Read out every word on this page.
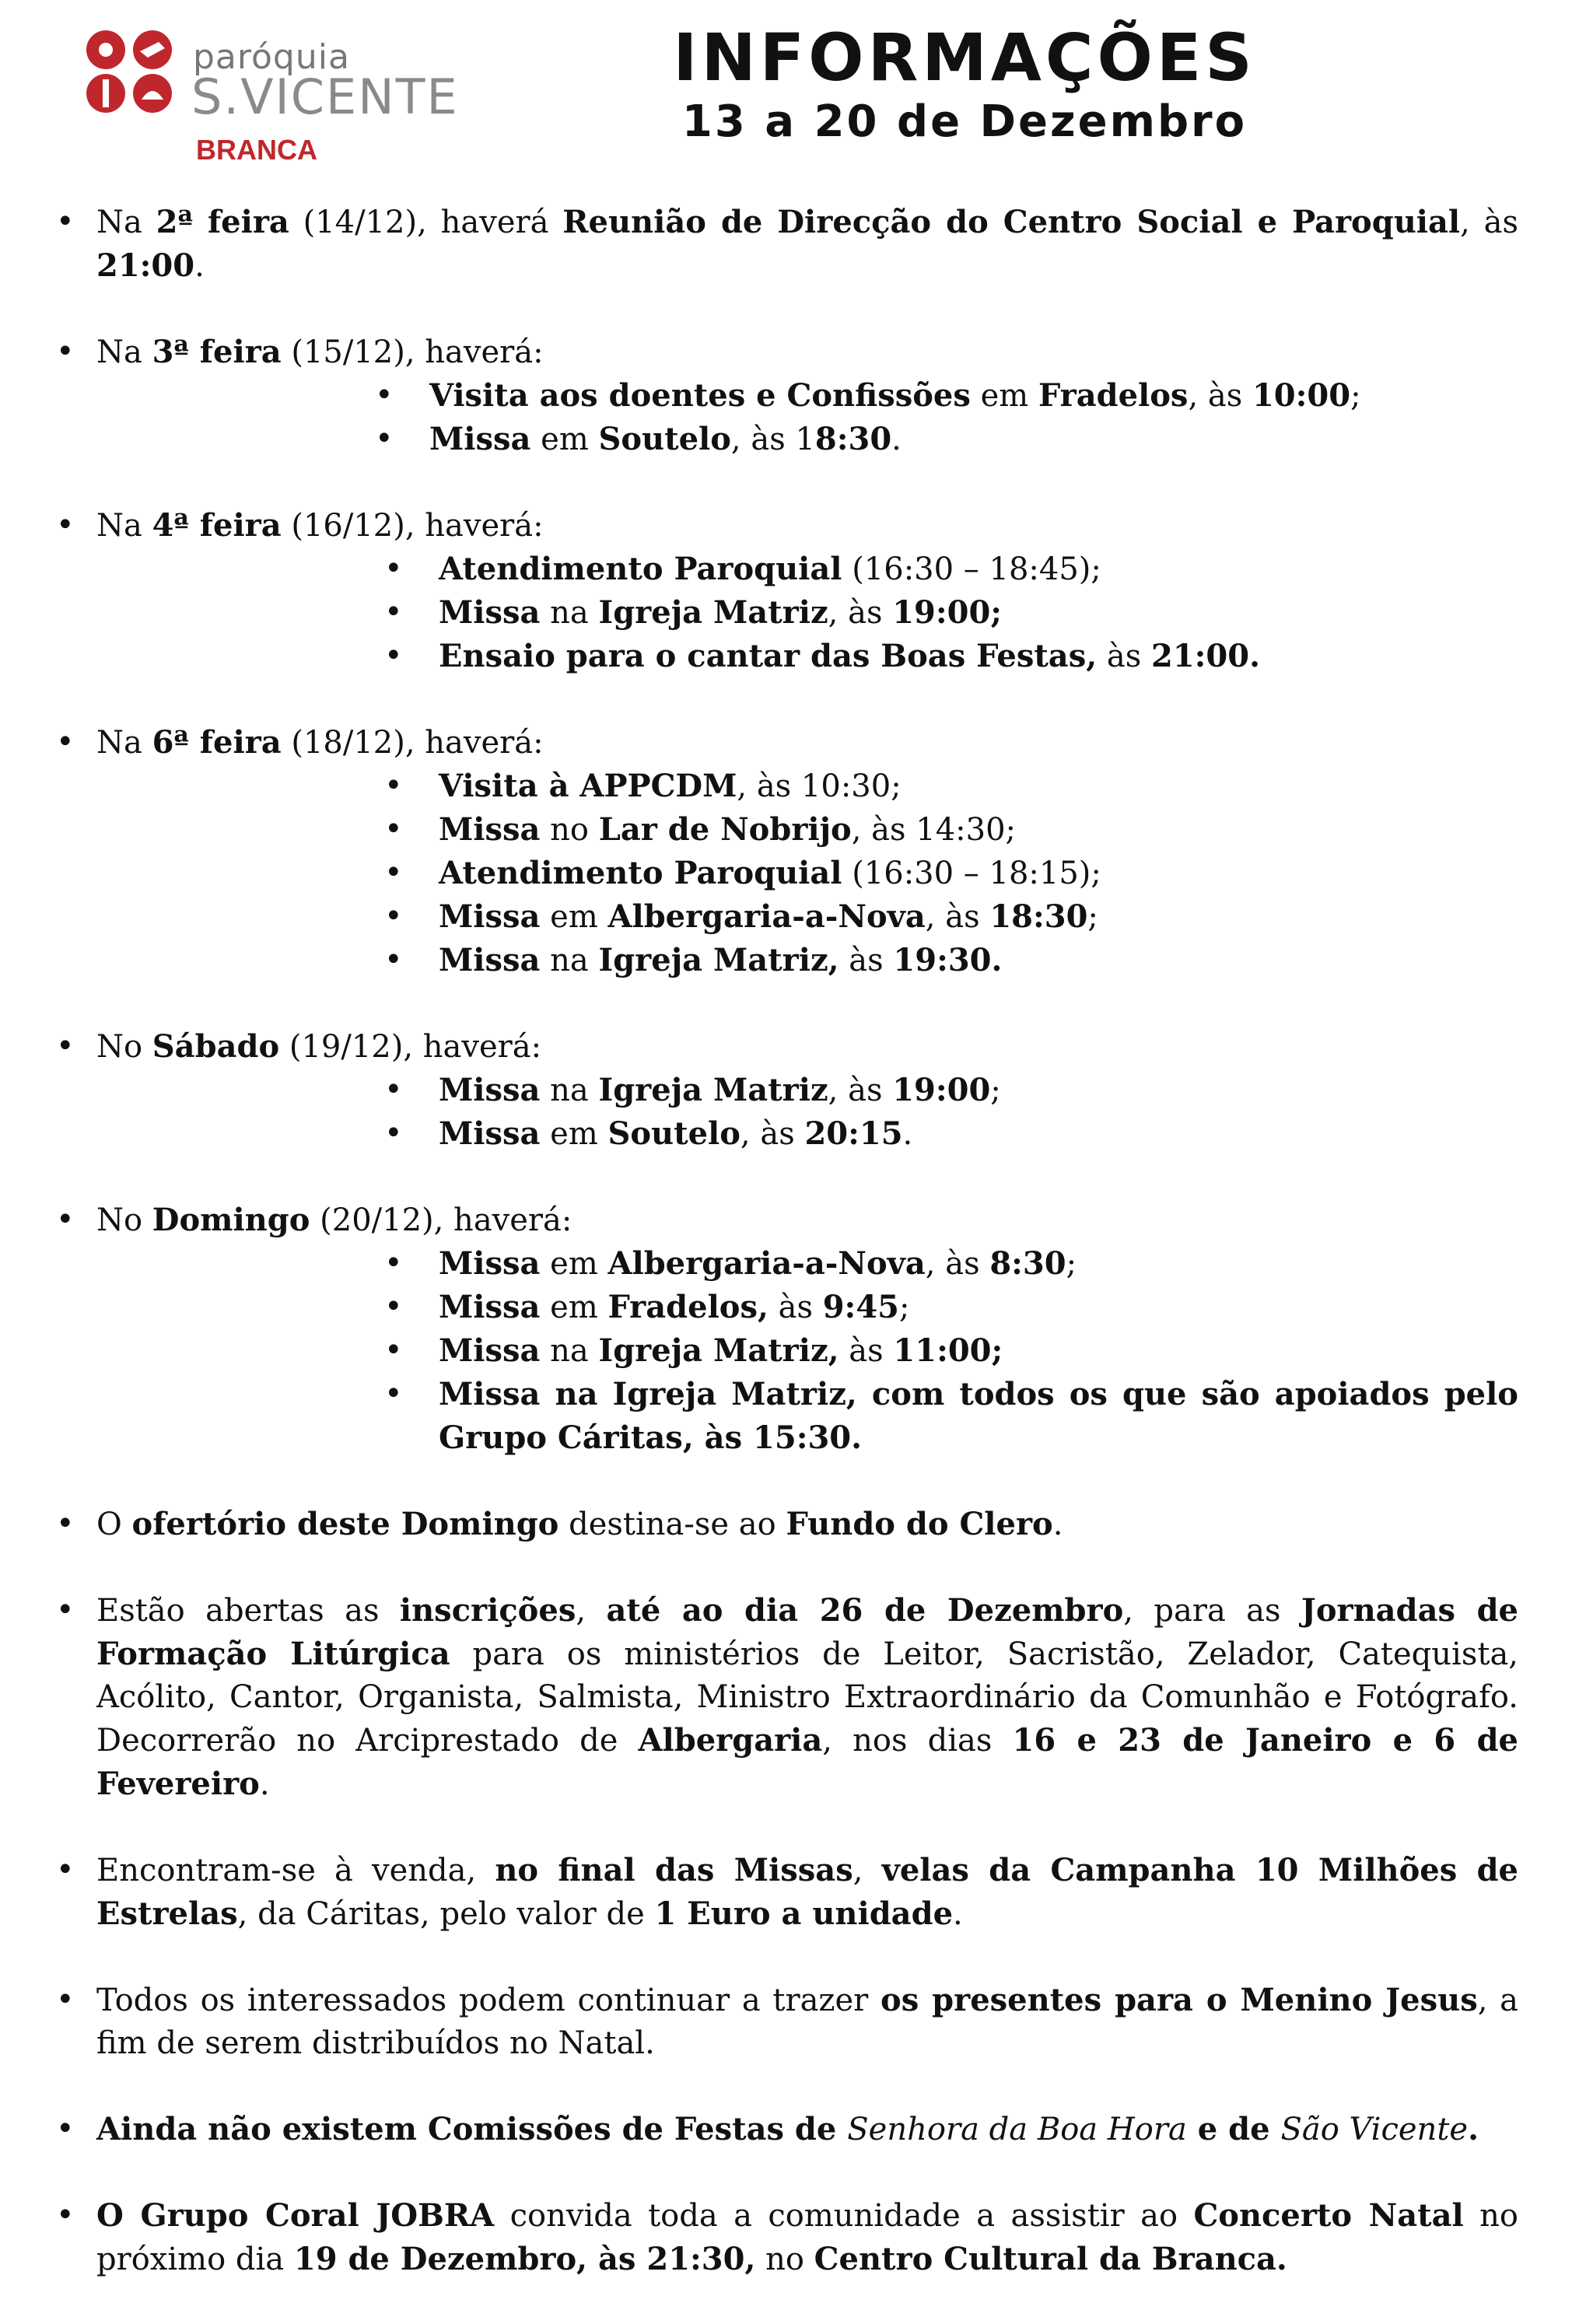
paróquia
S.VICENTE
BRANCA
INFORMAÇÕES
13 a 20 de Dezembro
• Na 2ª feira (14/12), haverá Reunião de Direcção do Centro Social e Paroquial, às 21:00.
• Na 3ª feira (15/12), haverá:
• Visita aos doentes e Confissões em Fradelos, às 10:00;
• Missa em Soutelo, às 18:30.
• Na 4ª feira (16/12), haverá:
• Atendimento Paroquial (16:30 – 18:45);
• Missa na Igreja Matriz, às 19:00;
• Ensaio para o cantar das Boas Festas, às 21:00.
• Na 6ª feira (18/12), haverá:
• Visita à APPCDM, às 10:30;
• Missa no Lar de Nobrijo, às 14:30;
• Atendimento Paroquial (16:30 – 18:15);
• Missa em Albergaria-a-Nova, às 18:30;
• Missa na Igreja Matriz, às 19:30.
• No Sábado (19/12), haverá:
• Missa na Igreja Matriz, às 19:00;
• Missa em Soutelo, às 20:15.
• No Domingo (20/12), haverá:
• Missa em Albergaria-a-Nova, às 8:30;
• Missa em Fradelos, às 9:45;
• Missa na Igreja Matriz, às 11:00;
• Missa na Igreja Matriz, com todos os que são apoiados pelo Grupo Cáritas, às 15:30.
• O ofertório deste Domingo destina-se ao Fundo do Clero.
• Estão abertas as inscrições, até ao dia 26 de Dezembro, para as Jornadas de Formação Litúrgica para os ministérios de Leitor, Sacristão, Zelador, Catequista, Acólito, Cantor, Organista, Salmista, Ministro Extraordinário da Comunhão e Fotógrafo. Decorrerão no Arciprestado de Albergaria, nos dias 16 e 23 de Janeiro e 6 de Fevereiro.
• Encontram-se à venda, no final das Missas, velas da Campanha 10 Milhões de Estrelas, da Cáritas, pelo valor de 1 Euro a unidade.
• Todos os interessados podem continuar a trazer os presentes para o Menino Jesus, a fim de serem distribuídos no Natal.
• Ainda não existem Comissões de Festas de Senhora da Boa Hora e de São Vicente.
• O Grupo Coral JOBRA convida toda a comunidade a assistir ao Concerto Natal no próximo dia 19 de Dezembro, às 21:30, no Centro Cultural da Branca.
